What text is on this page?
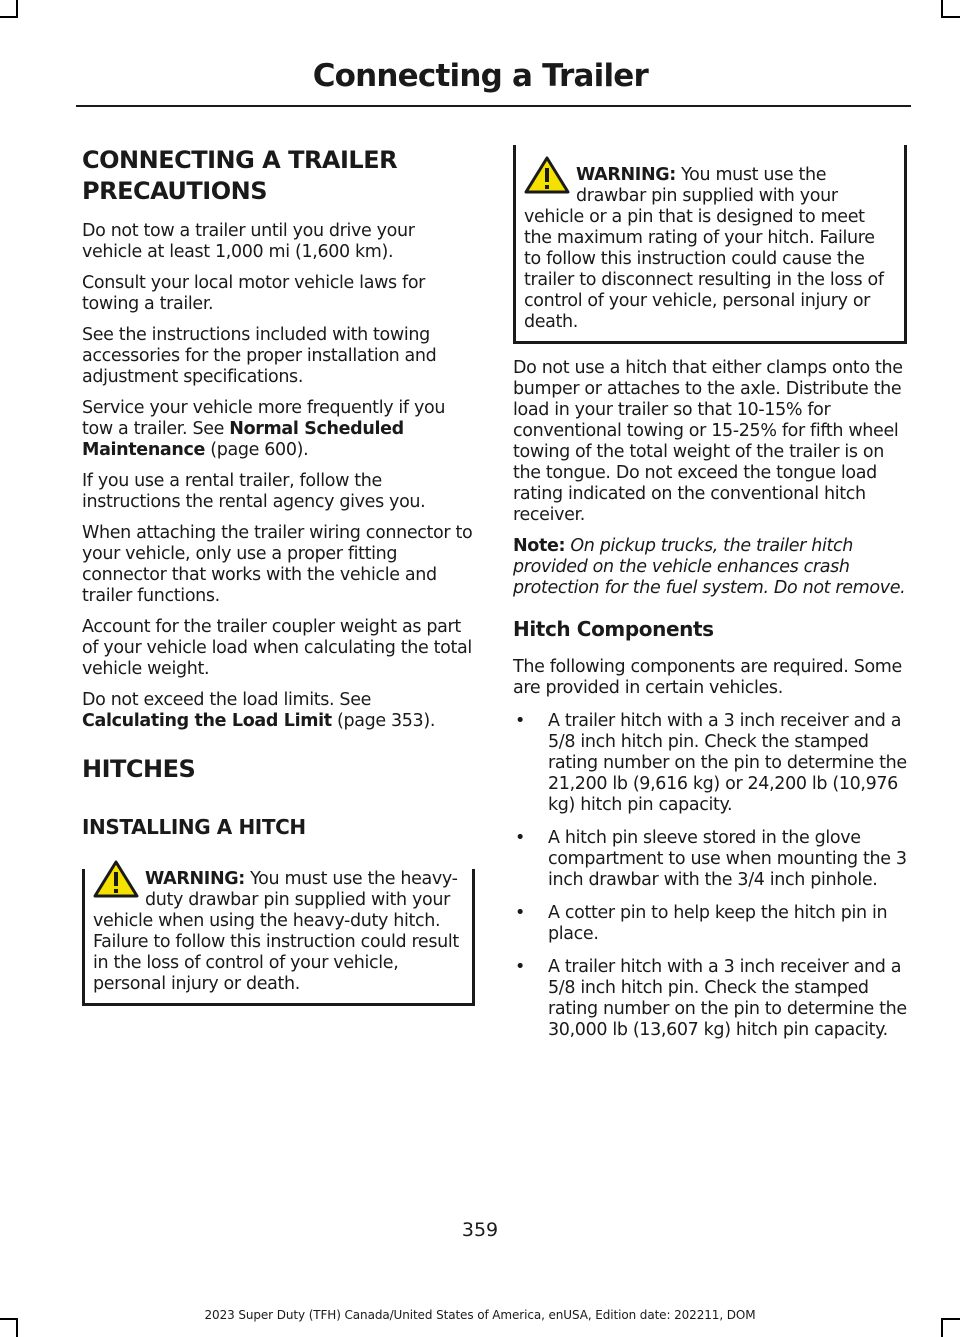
Connecting a Trailer
CONNECTING A TRAILER
PRECAUTIONS

Do not tow a trailer until you drive your vehicle at least 1,000 mi (1,600 km).

Consult your local motor vehicle laws for towing a trailer.

See the instructions included with towing accessories for the proper installation and adjustment specifications.

Service your vehicle more frequently if you tow a trailer. See Normal Scheduled Maintenance (page 600).

If you use a rental trailer, follow the instructions the rental agency gives you.

When attaching the trailer wiring connector to your vehicle, only use a proper fitting connector that works with the vehicle and trailer functions.

Account for the trailer coupler weight as part of your vehicle load when calculating the total vehicle weight.

Do not exceed the load limits. See Calculating the Load Limit (page 353).

HITCHES
INSTALLING A HITCH

WARNING: You must use the heavy-duty drawbar pin supplied with your vehicle when using the heavy-duty hitch. Failure to follow this instruction could result in the loss of control of your vehicle, personal injury or death.

WARNING: You must use the drawbar pin supplied with your vehicle or a pin that is designed to meet the maximum rating of your hitch. Failure to follow this instruction could cause the trailer to disconnect resulting in the loss of control of your vehicle, personal injury or death.

Do not use a hitch that either clamps onto the bumper or attaches to the axle. Distribute the load in your trailer so that 10-15% for conventional towing or 15-25% for fifth wheel towing of the total weight of the trailer is on the tongue. Do not exceed the tongue load rating indicated on the conventional hitch receiver.

Note: On pickup trucks, the trailer hitch provided on the vehicle enhances crash protection for the fuel system. Do not remove.

Hitch Components

The following components are required. Some are provided in certain vehicles.

• A trailer hitch with a 3 inch receiver and a 5/8 inch hitch pin. Check the stamped rating number on the pin to determine the 21,200 lb (9,616 kg) or 24,200 lb (10,976 kg) hitch pin capacity.
• A hitch pin sleeve stored in the glove compartment to use when mounting the 3 inch drawbar with the 3/4 inch pinhole.
• A cotter pin to help keep the hitch pin in place.
• A trailer hitch with a 3 inch receiver and a 5/8 inch hitch pin. Check the stamped rating number on the pin to determine the 30,000 lb (13,607 kg) hitch pin capacity.
359
2023 Super Duty (TFH) Canada/United States of America, enUSA, Edition date: 202211, DOM
